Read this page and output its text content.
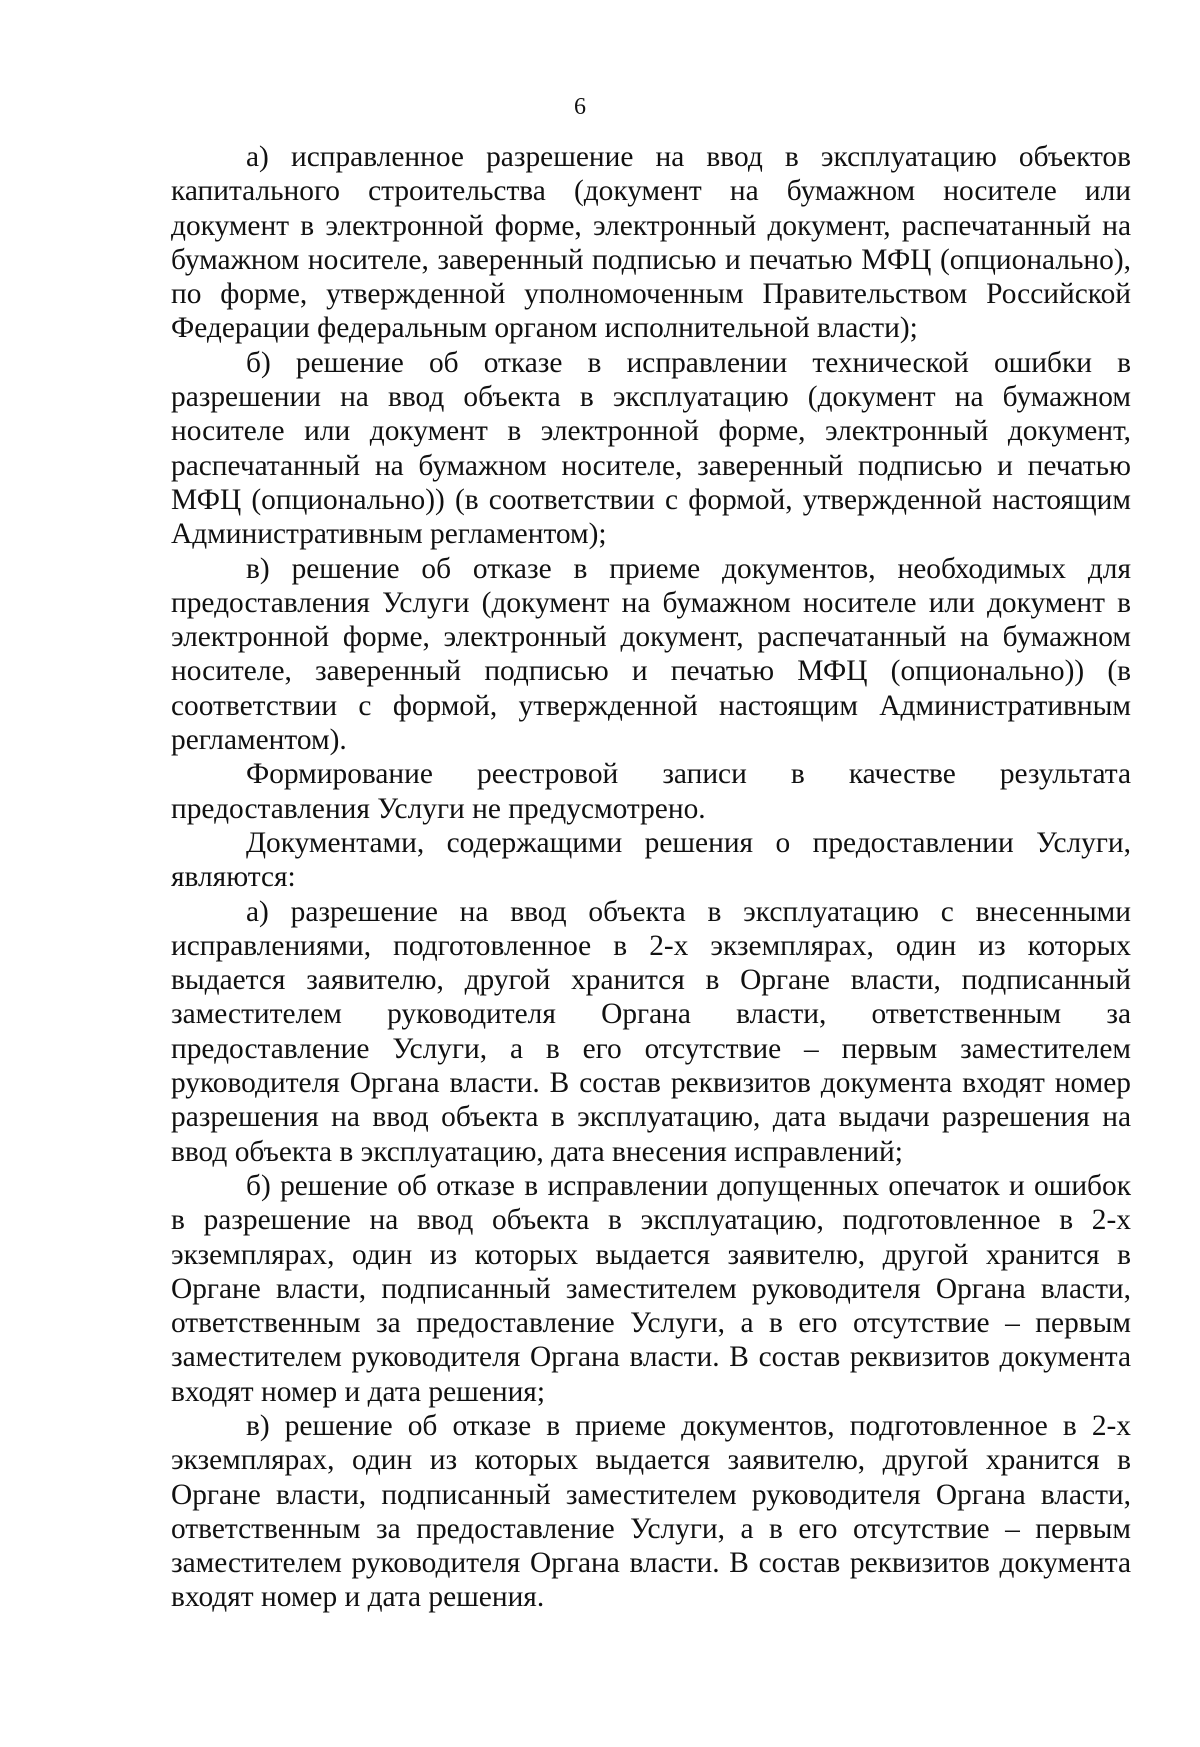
6

а) исправленное разрешение на ввод в эксплуатацию объектов капитального строительства (документ на бумажном носителе или документ в электронной форме, электронный документ, распечатанный на бумажном носителе, заверенный подписью и печатью МФЦ (опционально), по форме, утвержденной уполномоченным Правительством Российской Федерации федеральным органом исполнительной власти);

б) решение об отказе в исправлении технической ошибки в разрешении на ввод объекта в эксплуатацию (документ на бумажном носителе или документ в электронной форме, электронный документ, распечатанный на бумажном носителе, заверенный подписью и печатью МФЦ (опционально)) (в соответствии с формой, утвержденной настоящим Административным регламентом);

в) решение об отказе в приеме документов, необходимых для предоставления Услуги (документ на бумажном носителе или документ в электронной форме, электронный документ, распечатанный на бумажном носителе, заверенный подписью и печатью МФЦ (опционально)) (в соответствии с формой, утвержденной настоящим Административным регламентом).

Формирование реестровой записи в качестве результата предоставления Услуги не предусмотрено.

Документами, содержащими решения о предоставлении Услуги, являются:

а) разрешение на ввод объекта в эксплуатацию с внесенными исправлениями, подготовленное в 2-х экземплярах, один из которых выдается заявителю, другой хранится в Органе власти, подписанный заместителем руководителя Органа власти, ответственным за предоставление Услуги, а в его отсутствие – первым заместителем руководителя Органа власти. В состав реквизитов документа входят номер разрешения на ввод объекта в эксплуатацию, дата выдачи разрешения на ввод объекта в эксплуатацию, дата внесения исправлений;

б) решение об отказе в исправлении допущенных опечаток и ошибок в разрешение на ввод объекта в эксплуатацию, подготовленное в 2-х экземплярах, один из которых выдается заявителю, другой хранится в Органе власти, подписанный заместителем руководителя Органа власти, ответственным за предоставление Услуги, а в его отсутствие – первым заместителем руководителя Органа власти. В состав реквизитов документа входят номер и дата решения;

в) решение об отказе в приеме документов, подготовленное в 2-х экземплярах, один из которых выдается заявителю, другой хранится в Органе власти, подписанный заместителем руководителя Органа власти, ответственным за предоставление Услуги, а в его отсутствие – первым заместителем руководителя Органа власти. В состав реквизитов документа входят номер и дата решения.
